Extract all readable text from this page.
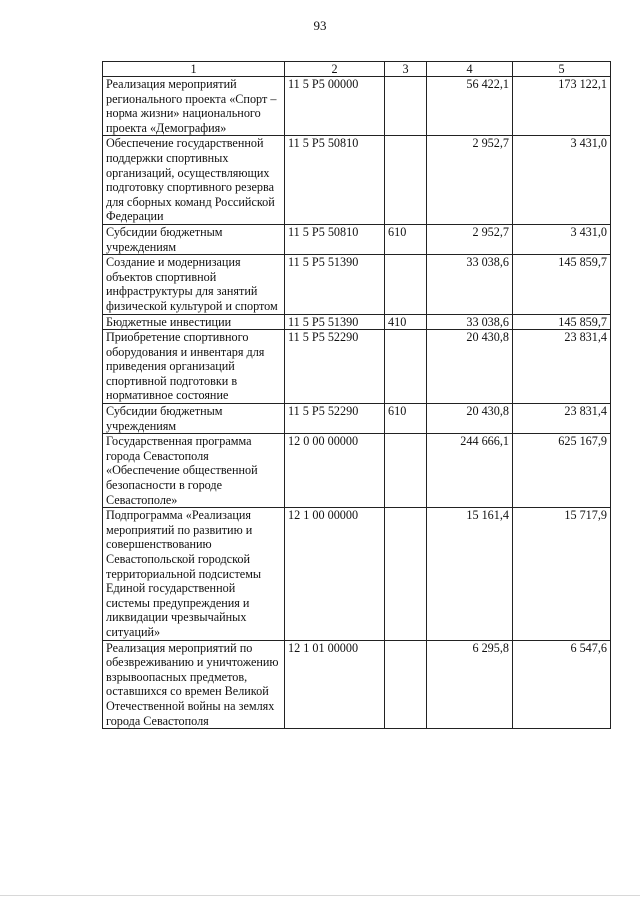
93
1	2	3	4	5
Реализация мероприятий регионального проекта «Спорт – норма жизни» национального проекта «Демография»	11 5 P5 00000		56 422,1	173 122,1
Обеспечение государственной поддержки спортивных организаций, осуществляющих подготовку спортивного резерва для сборных команд Российской Федерации	11 5 P5 50810		2 952,7	3 431,0
Субсидии бюджетным учреждениям	11 5 P5 50810	610	2 952,7	3 431,0
Создание и модернизация объектов спортивной инфраструктуры для занятий физической культурой и спортом	11 5 P5 51390		33 038,6	145 859,7
Бюджетные инвестиции	11 5 P5 51390	410	33 038,6	145 859,7
Приобретение спортивного оборудования и инвентаря для приведения организаций спортивной подготовки в нормативное состояние	11 5 P5 52290		20 430,8	23 831,4
Субсидии бюджетным учреждениям	11 5 P5 52290	610	20 430,8	23 831,4
Государственная программа города Севастополя «Обеспечение общественной безопасности в городе Севастополе»	12 0 00 00000		244 666,1	625 167,9
Подпрограмма «Реализация мероприятий по развитию и совершенствованию Севастопольской городской территориальной подсистемы Единой государственной системы предупреждения и ликвидации чрезвычайных ситуаций»	12 1 00 00000		15 161,4	15 717,9
Реализация мероприятий по обезвреживанию и уничтожению взрывоопасных предметов, оставшихся со времен Великой Отечественной войны на землях города Севастополя	12 1 01 00000		6 295,8	6 547,6
